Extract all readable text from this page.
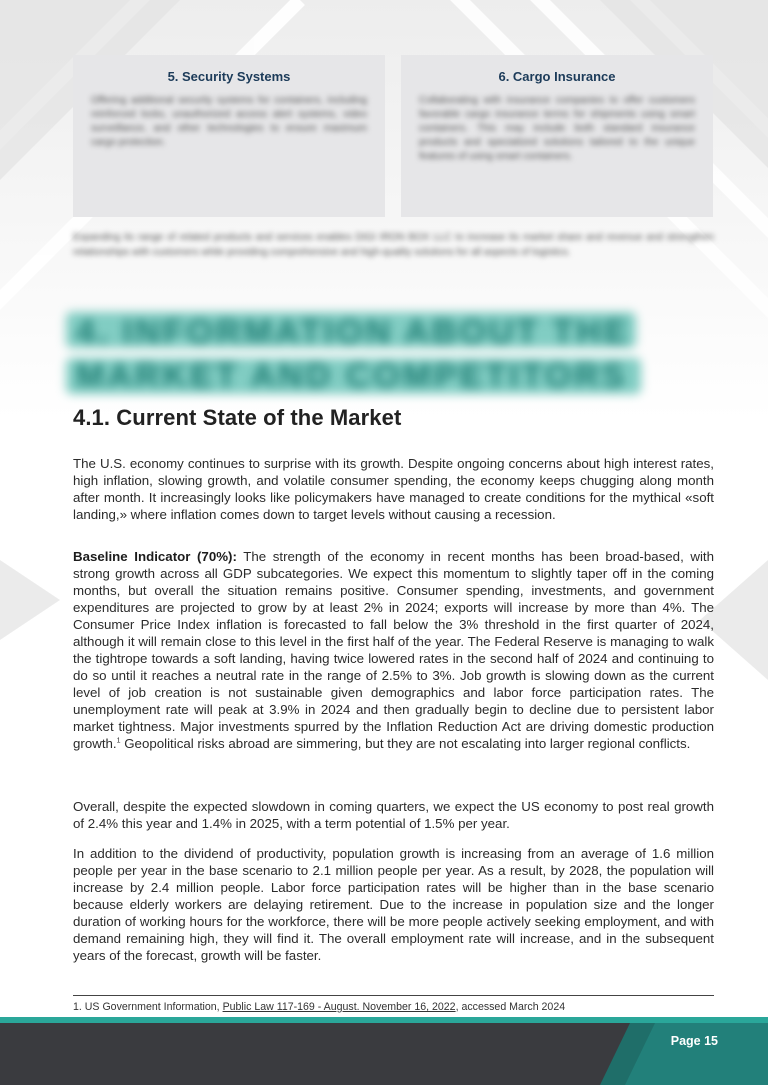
5. Security Systems
Offering additional security systems for containers, including reinforced locks, unauthorized access alert systems, video surveillance, and other technologies to ensure maximum cargo protection.
6. Cargo Insurance
Collaborating with insurance companies to offer customers favorable cargo insurance terms for shipments using smart containers. This may include both standard insurance products and specialized solutions tailored to the unique features of using smart containers.
Expanding its range of related products and services enables DIGI IRON BOX LLC to increase its market share and revenue and strengthen relationships with customers while providing comprehensive and high-quality solutions for all aspects of logistics.
4. INFORMATION ABOUT THE
MARKET AND COMPETITORS
4.1. Current State of the Market

The U.S. economy continues to surprise with its growth. Despite ongoing concerns about high interest rates, high inflation, slowing growth, and volatile consumer spending, the economy keeps chugging along month after month. It increasingly looks like policymakers have managed to create conditions for the mythical «soft landing,» where inflation comes down to target levels without causing a recession.

Baseline Indicator (70%): The strength of the economy in recent months has been broad-based, with strong growth across all GDP subcategories. We expect this momentum to slightly taper off in the coming months, but overall the situation remains positive. Consumer spending, investments, and government expenditures are projected to grow by at least 2% in 2024; exports will increase by more than 4%. The Consumer Price Index inflation is forecasted to fall below the 3% threshold in the first quarter of 2024, although it will remain close to this level in the first half of the year. The Federal Reserve is managing to walk the tightrope towards a soft landing, having twice lowered rates in the second half of 2024 and continuing to do so until it reaches a neutral rate in the range of 2.5% to 3%. Job growth is slowing down as the current level of job creation is not sustainable given demographics and labor force participation rates. The unemployment rate will peak at 3.9% in 2024 and then gradually begin to decline due to persistent labor market tightness. Major investments spurred by the Inflation Reduction Act are driving domestic production growth.$^1$ Geopolitical risks abroad are simmering, but they are not escalating into larger regional conflicts.

Overall, despite the expected slowdown in coming quarters, we expect the US economy to post real growth of 2.4% this year and 1.4% in 2025, with a term potential of 1.5% per year.

In addition to the dividend of productivity, population growth is increasing from an average of 1.6 million people per year in the base scenario to 2.1 million people per year. As a result, by 2028, the population will increase by 2.4 million people. Labor force participation rates will be higher than in the base scenario because elderly workers are delaying retirement. Due to the increase in population size and the longer duration of working hours for the workforce, there will be more people actively seeking employment, and with demand remaining high, they will find it. The overall employment rate will increase, and in the subsequent years of the forecast, growth will be faster.

1. US Government Information, Public Law 117-169 - August. November 16, 2022, accessed March 2024
Page 15
